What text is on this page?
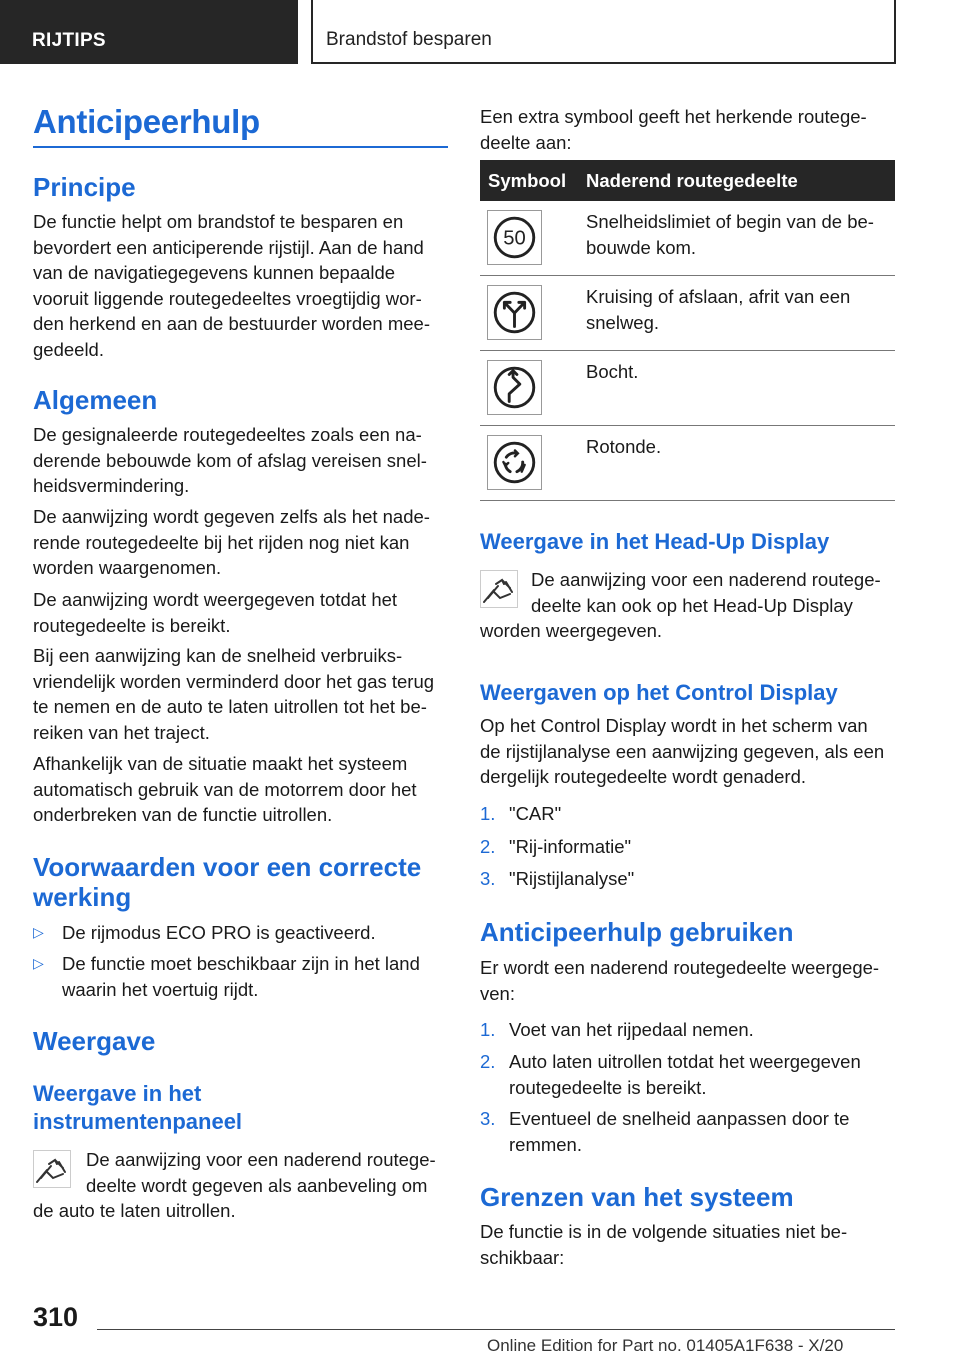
RIJTIPS	Brandstof besparen
Anticipeerhulp
Principe
De functie helpt om brandstof te besparen en
bevordert een anticiperende rijstijl. Aan de hand
van de navigatiegegevens kunnen bepaalde
vooruit liggende routegedeeltes vroegtijdig wor-
den herkend en aan de bestuurder worden mee-
gedeeld.
Algemeen
De gesignaleerde routegedeeltes zoals een na-
derende bebouwde kom of afslag vereisen snel-
heidsvermindering.
De aanwijzing wordt gegeven zelfs als het nade-
rende routegedeelte bij het rijden nog niet kan
worden waargenomen.
De aanwijzing wordt weergegeven totdat het
routegedeelte is bereikt.
Bij een aanwijzing kan de snelheid verbruiks-
vriendelijk worden verminderd door het gas terug
te nemen en de auto te laten uitrollen tot het be-
reiken van het traject.
Afhankelijk van de situatie maakt het systeem
automatisch gebruik van de motorrem door het
onderbreken van de functie uitrollen.
Voorwaarden voor een correcte
werking
▷ De rijmodus ECO PRO is geactiveerd.
▷ De functie moet beschikbaar zijn in het land
waarin het voertuig rijdt.
Weergave
Weergave in het
instrumentenpaneel
De aanwijzing voor een naderend routege-
deelte wordt gegeven als aanbeveling om
de auto te laten uitrollen.
Een extra symbool geeft het herkende routege-
deelte aan:
Symbool Naderend routegedeelte
50
Snelheidslimiet of begin van de be-
bouwde kom.
Kruising of afslaan, afrit van een
snelweg.
Bocht.
Rotonde.
Weergave in het Head-Up Display
De aanwijzing voor een naderend routege-
deelte kan ook op het Head-Up Display
worden weergegeven.
Weergaven op het Control Display
Op het Control Display wordt in het scherm van
de rijstijlanalyse een aanwijzing gegeven, als een
dergelijk routegedeelte wordt genaderd.
1. "CAR"
2. "Rij-informatie"
3. "Rijstijlanalyse"
Anticipeerhulp gebruiken
Er wordt een naderend routegedeelte weergege-
ven:
1. Voet van het rijpedaal nemen.
2. Auto laten uitrollen totdat het weergegeven
routegedeelte is bereikt.
3. Eventueel de snelheid aanpassen door te
remmen.
Grenzen van het systeem
De functie is in de volgende situaties niet be-
schikbaar:
310
Online Edition for Part no. 01405A1F638 - X/20
